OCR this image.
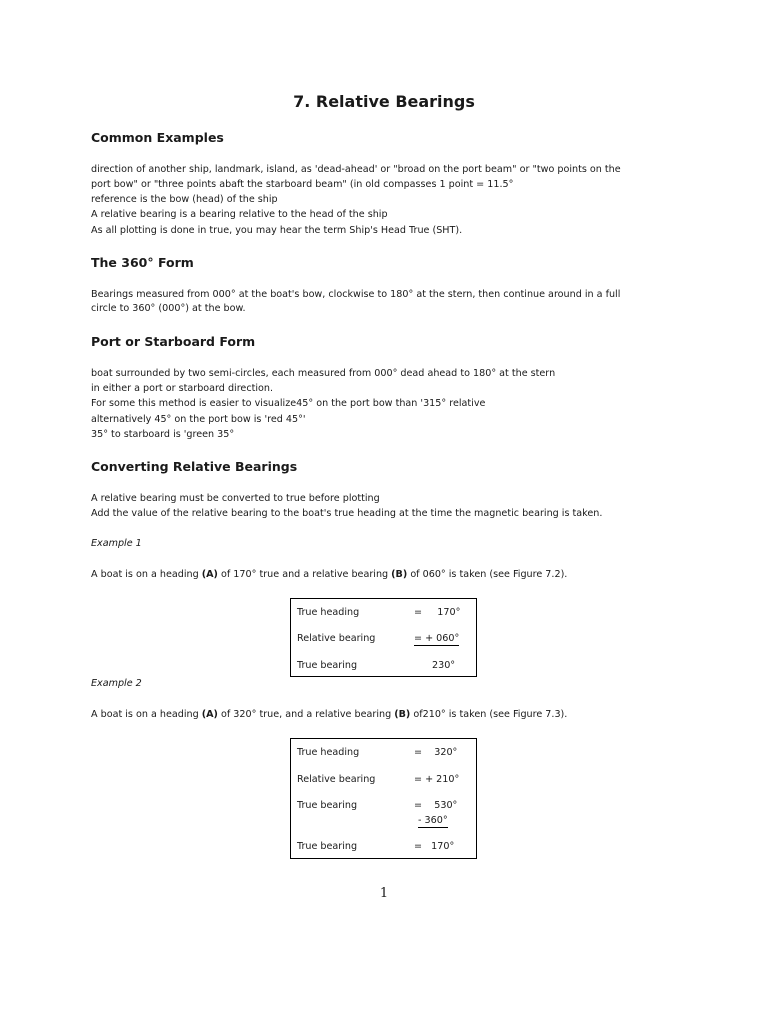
7. Relative Bearings
Common Examples
direction of another ship, landmark, island, as 'dead-ahead' or "broad on the port beam" or "two points on the
port bow" or "three points abaft the starboard beam" (in old compasses 1 point = 11.5°
reference is the bow (head) of the ship
A relative bearing is a bearing relative to the head of the ship
As all plotting is done in true, you may hear the term Ship's Head True (SHT).
The 360° Form
Bearings measured from 000° at the boat's bow, clockwise to 180° at the stern, then continue around in a full
circle to 360° (000°) at the bow.
Port or Starboard Form
boat surrounded by two semi-circles, each measured from 000° dead ahead to 180° at the stern
in either a port or starboard direction.
For some this method is easier to visualize45° on the port bow than '315° relative
alternatively 45° on the port bow is 'red 45°'
35° to starboard is 'green 35°
Converting Relative Bearings
A relative bearing must be converted to true before plotting
Add the value of the relative bearing to the boat's true heading at the time the magnetic bearing is taken.
Example 1
A boat is on a heading (A) of 170° true and a relative bearing (B) of 060° is taken (see Figure 7.2).
True heading	=     170°
Relative bearing	= + 060°
True bearing	230°
Example 2
A boat is on a heading (A) of 320° true, and a relative bearing (B) of210° is taken (see Figure 7.3).
True heading	=    320°
Relative bearing	= + 210°
True bearing	=    530°
- 360°
True bearing	=   170°
1
